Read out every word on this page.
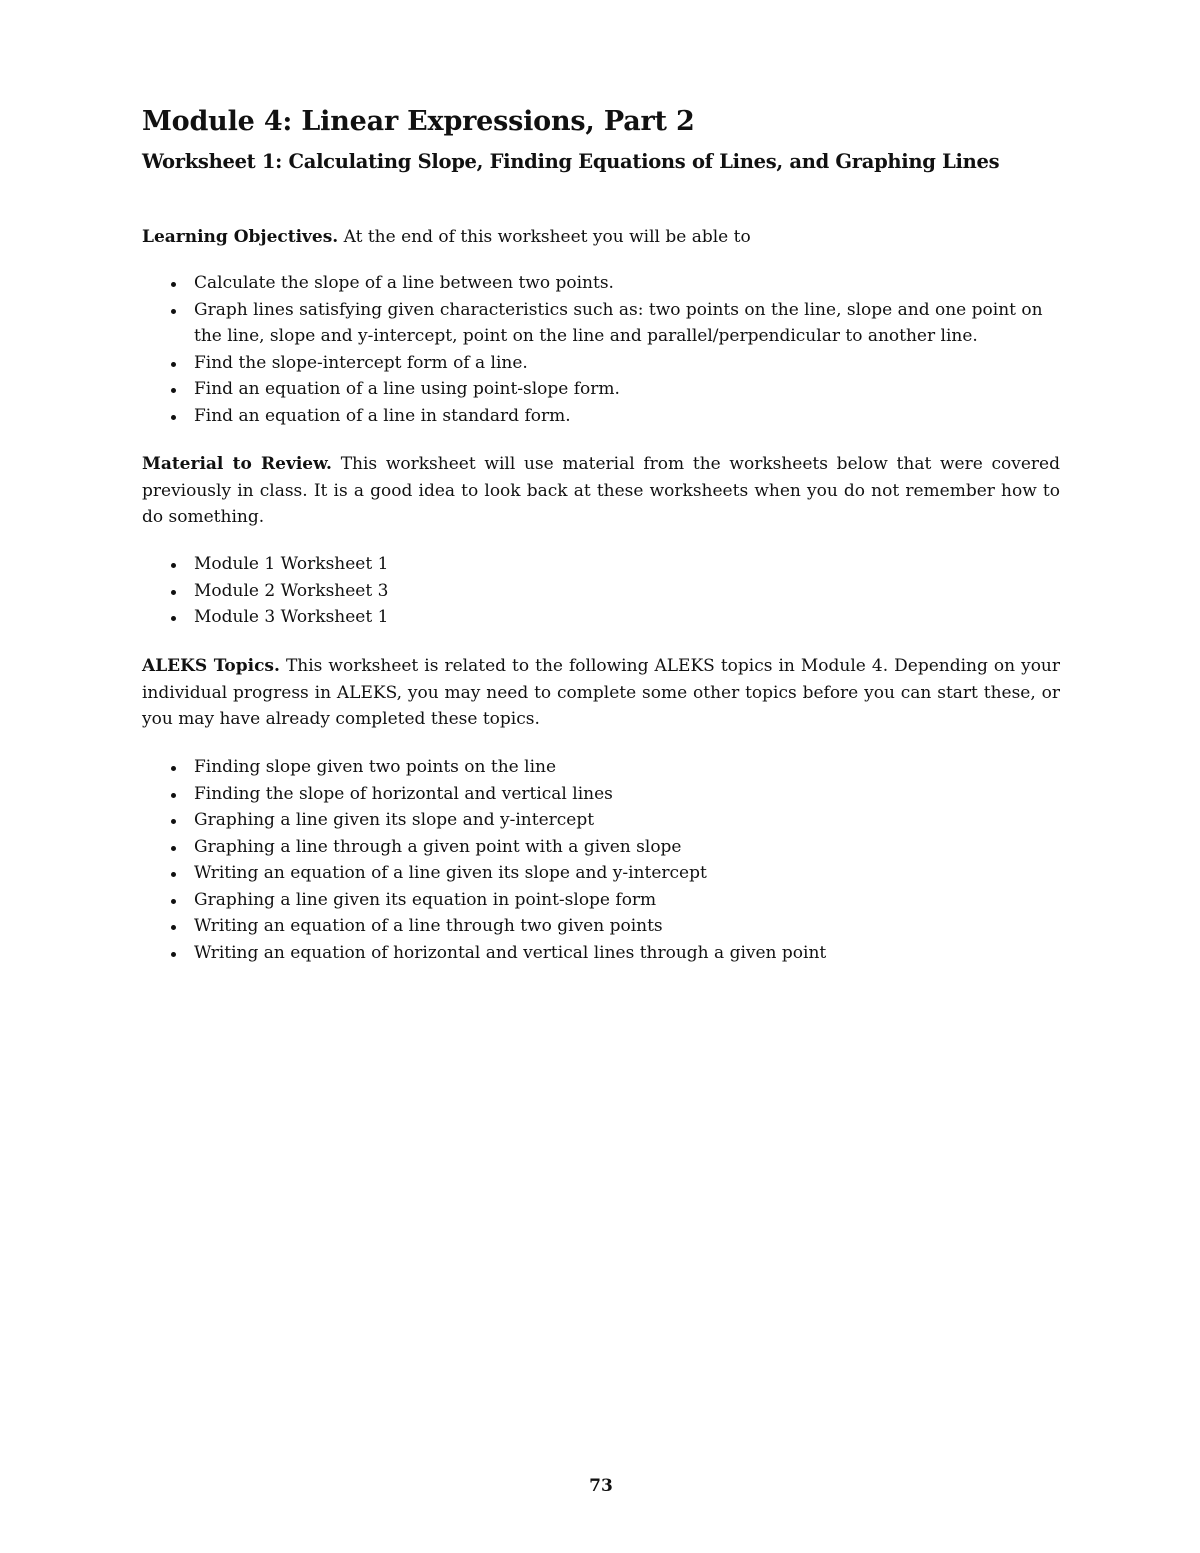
Module 4: Linear Expressions, Part 2
Worksheet 1: Calculating Slope, Finding Equations of Lines, and Graphing Lines

Learning Objectives. At the end of this worksheet you will be able to

Calculate the slope of a line between two points.
Graph lines satisfying given characteristics such as: two points on the line, slope and one point on the line, slope and y-intercept, point on the line and parallel/perpendicular to another line.
Find the slope-intercept form of a line.
Find an equation of a line using point-slope form.
Find an equation of a line in standard form.

Material to Review. This worksheet will use material from the worksheets below that were covered previously in class. It is a good idea to look back at these worksheets when you do not remember how to do something.

Module 1 Worksheet 1
Module 2 Worksheet 3
Module 3 Worksheet 1

ALEKS Topics. This worksheet is related to the following ALEKS topics in Module 4. Depending on your individual progress in ALEKS, you may need to complete some other topics before you can start these, or you may have already completed these topics.

Finding slope given two points on the line
Finding the slope of horizontal and vertical lines
Graphing a line given its slope and y-intercept
Graphing a line through a given point with a given slope
Writing an equation of a line given its slope and y-intercept
Graphing a line given its equation in point-slope form
Writing an equation of a line through two given points
Writing an equation of horizontal and vertical lines through a given point
73
